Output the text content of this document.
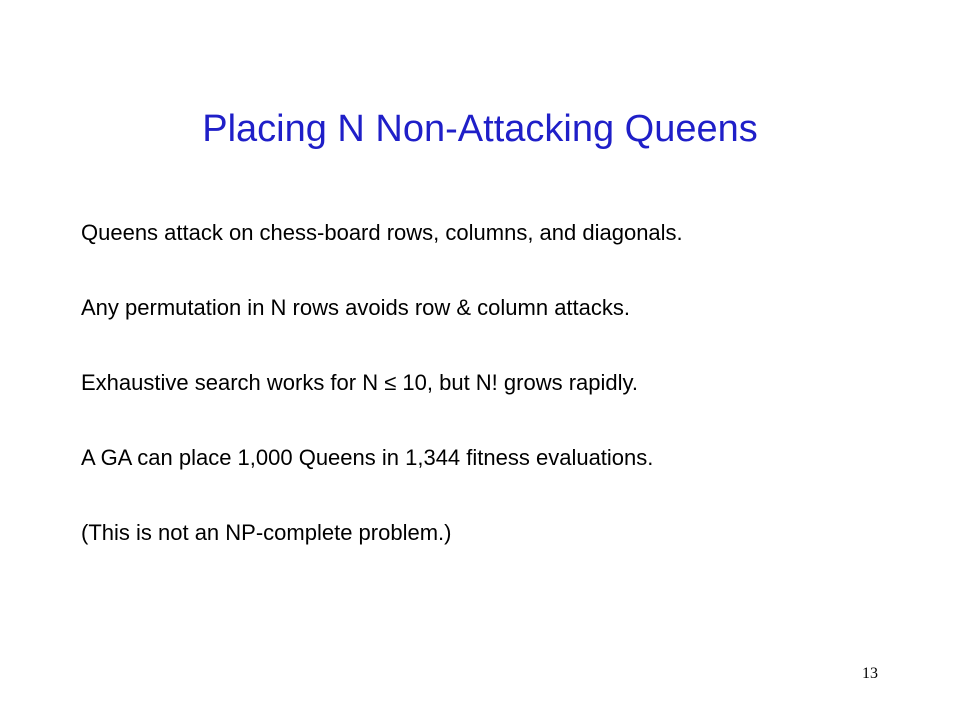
Placing N Non-Attacking Queens
Queens attack on chess-board rows, columns, and diagonals.
Any permutation in N rows avoids row & column attacks.
Exhaustive search works for N ≤ 10, but N! grows rapidly.
A GA can place 1,000 Queens in 1,344 fitness evaluations.
(This is not an NP-complete problem.)
13
